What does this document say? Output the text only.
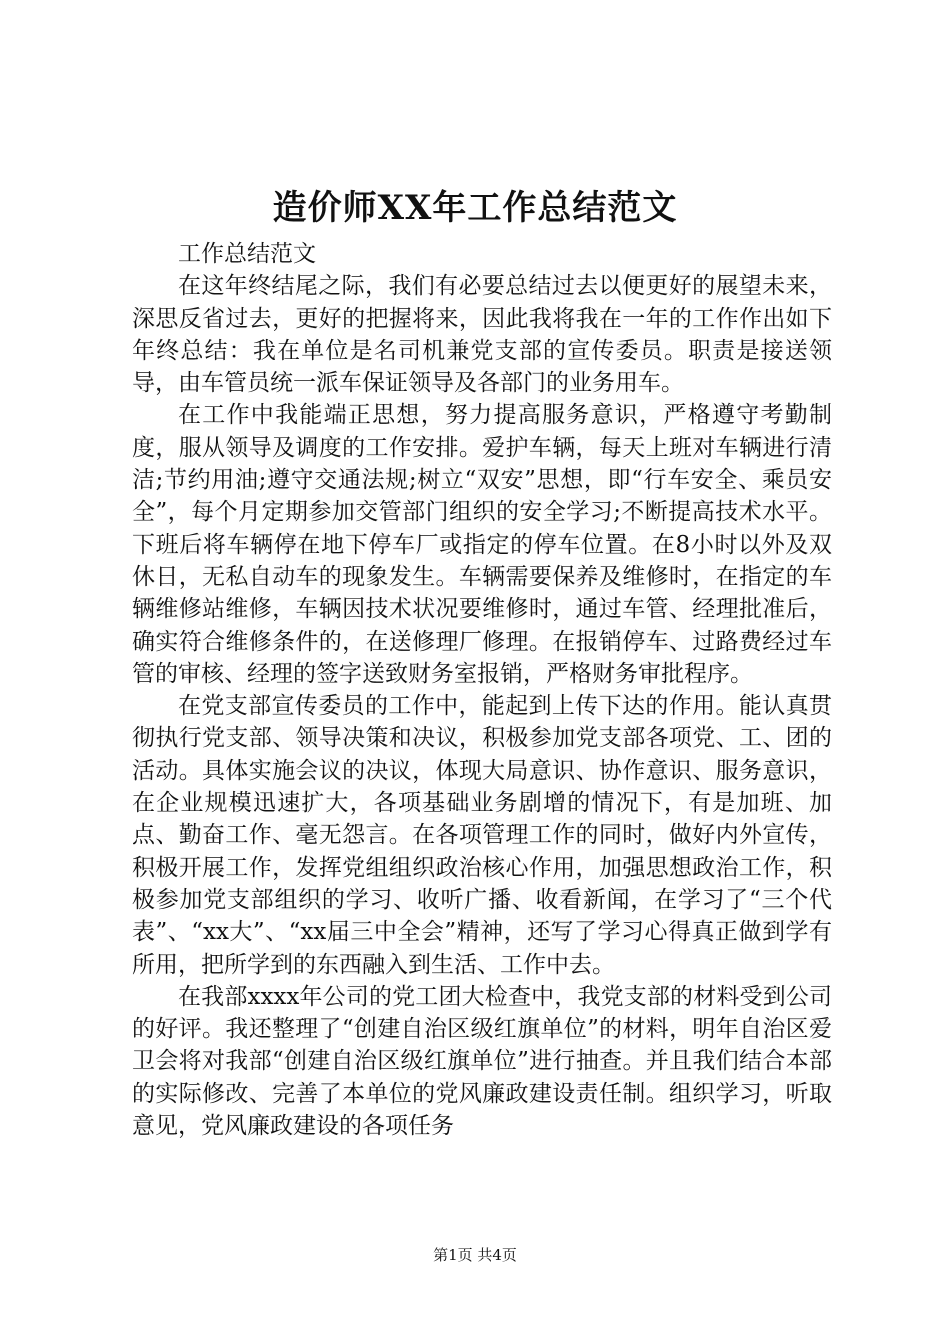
造价师XX年工作总结范文

工作总结范文

在这年终结尾之际，我们有必要总结过去以便更好的展望未来，深思反省过去，更好的把握将来，因此我将我在一年的工作作出如下年终总结：我在单位是名司机兼党支部的宣传委员。职责是接送领导，由车管员统一派车保证领导及各部门的业务用车。

在工作中我能端正思想，努力提高服务意识，严格遵守考勤制度，服从领导及调度的工作安排。爱护车辆，每天上班对车辆进行清洁;节约用油;遵守交通法规;树立“双安”思想，即“行车安全、乘员安全”，每个月定期参加交管部门组织的安全学习;不断提高技术水平。下班后将车辆停在地下停车厂或指定的停车位置。在8小时以外及双休日，无私自动车的现象发生。车辆需要保养及维修时，在指定的车辆维修站维修，车辆因技术状况要维修时，通过车管、经理批准后，确实符合维修条件的，在送修理厂修理。在报销停车、过路费经过车管的审核、经理的签字送致财务室报销，严格财务审批程序。

在党支部宣传委员的工作中，能起到上传下达的作用。能认真贯彻执行党支部、领导决策和决议，积极参加党支部各项党、工、团的活动。具体实施会议的决议，体现大局意识、协作意识、服务意识，在企业规模迅速扩大，各项基础业务剧增的情况下，有是加班、加点、勤奋工作、毫无怨言。在各项管理工作的同时，做好内外宣传，积极开展工作，发挥党组组织政治核心作用，加强思想政治工作，积极参加党支部组织的学习、收听广播、收看新闻，在学习了“三个代表”、“xx大”、“xx届三中全会”精神，还写了学习心得真正做到学有所用，把所学到的东西融入到生活、工作中去。

在我部xxxx年公司的党工团大检查中，我党支部的材料受到公司的好评。我还整理了“创建自治区级红旗单位”的材料，明年自治区爱卫会将对我部“创建自治区级红旗单位”进行抽查。并且我们结合本部的实际修改、完善了本单位的党风廉政建设责任制。组织学习，听取意见，党风廉政建设的各项任务

第1页 共4页
